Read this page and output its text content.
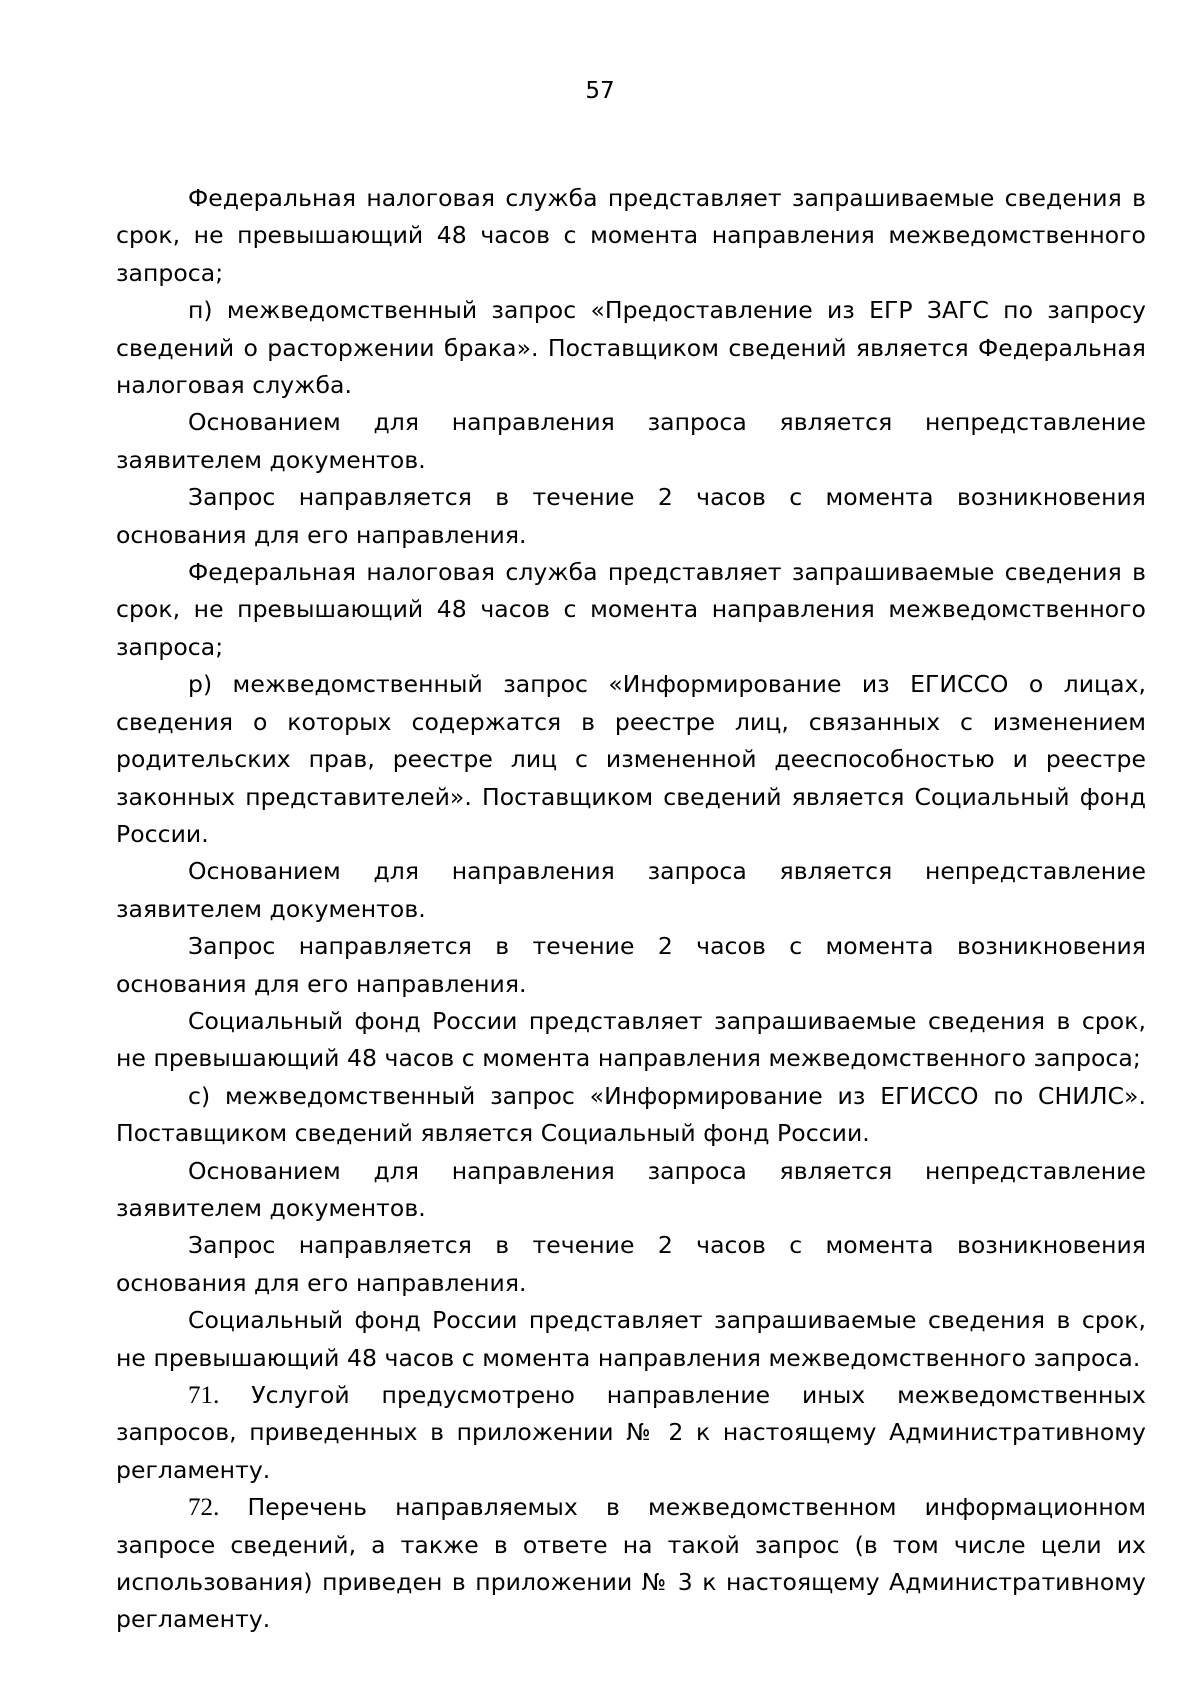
57

Федеральная налоговая служба представляет запрашиваемые сведения в срок, не превышающий 48 часов с момента направления межведомственного запроса;

п) межведомственный запрос «Предоставление из ЕГР ЗАГС по запросу сведений о расторжении брака». Поставщиком сведений является Федеральная налоговая служба.

Основанием для направления запроса является непредставление заявителем документов.

Запрос направляется в течение 2 часов с момента возникновения основания для его направления.

Федеральная налоговая служба представляет запрашиваемые сведения в срок, не превышающий 48 часов с момента направления межведомственного запроса;

р) межведомственный запрос «Информирование из ЕГИССО о лицах, сведения о которых содержатся в реестре лиц, связанных с изменением родительских прав, реестре лиц с измененной дееспособностью и реестре законных представителей». Поставщиком сведений является Социальный фонд России.

Основанием для направления запроса является непредставление заявителем документов.

Запрос направляется в течение 2 часов с момента возникновения основания для его направления.

Социальный фонд России представляет запрашиваемые сведения в срок, не превышающий 48 часов с момента направления межведомственного запроса;

с) межведомственный запрос «Информирование из ЕГИССО по СНИЛС». Поставщиком сведений является Социальный фонд России.

Основанием для направления запроса является непредставление заявителем документов.

Запрос направляется в течение 2 часов с момента возникновения основания для его направления.

Социальный фонд России представляет запрашиваемые сведения в срок, не превышающий 48 часов с момента направления межведомственного запроса.

71. Услугой предусмотрено направление иных межведомственных запросов, приведенных в приложении № 2 к настоящему Административному регламенту.

72. Перечень направляемых в межведомственном информационном запросе сведений, а также в ответе на такой запрос (в том числе цели их использования) приведен в приложении № 3 к настоящему Административному регламенту.
